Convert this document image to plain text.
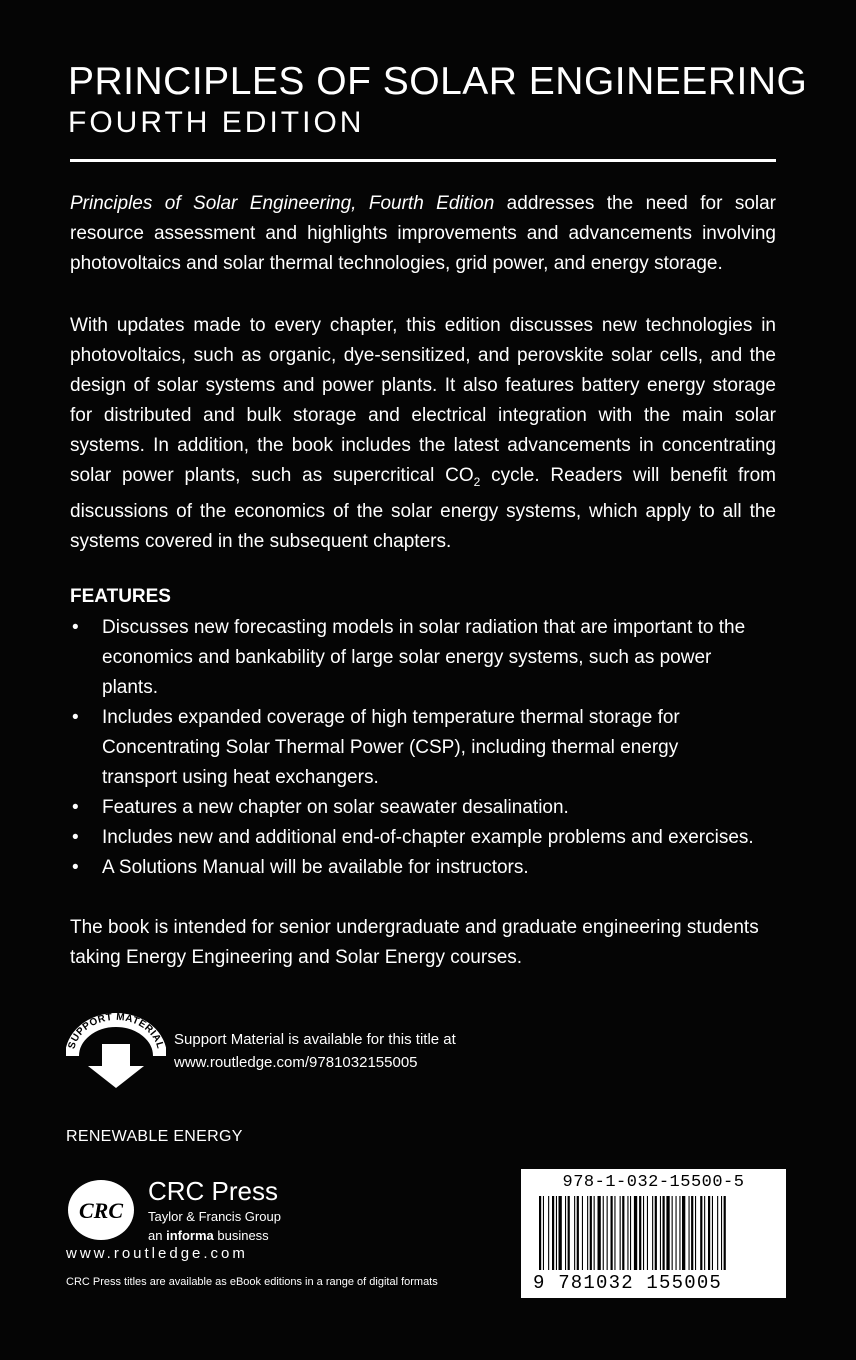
PRINCIPLES OF SOLAR ENGINEERING
FOURTH EDITION

Principles of Solar Engineering, Fourth Edition addresses the need for solar resource assessment and highlights improvements and advancements involving photovoltaics and solar thermal technologies, grid power, and energy storage.

With updates made to every chapter, this edition discusses new technologies in photovoltaics, such as organic, dye-sensitized, and perovskite solar cells, and the design of solar systems and power plants. It also features battery energy storage for distributed and bulk storage and electrical integration with the main solar systems. In addition, the book includes the latest advancements in concentrating solar power plants, such as supercritical $CO_2$ cycle. Readers will benefit from discussions of the economics of the solar energy systems, which apply to all the systems covered in the subsequent chapters.

FEATURES
• Discusses new forecasting models in solar radiation that are important to the economics and bankability of large solar energy systems, such as power plants.
• Includes expanded coverage of high temperature thermal storage for Concentrating Solar Thermal Power (CSP), including thermal energy transport using heat exchangers.
• Features a new chapter on solar seawater desalination.
• Includes new and additional end-of-chapter example problems and exercises.
• A Solutions Manual will be available for instructors.

The book is intended for senior undergraduate and graduate engineering students taking Energy Engineering and Solar Energy courses.

SUPPORT MATERIAL Support Material is available for this title at
www.routledge.com/9781032155005
RENEWABLE ENERGY
CRC
CRC Press
Taylor & Francis Group
an informa business
www.routledge.com
CRC Press titles are available as eBook editions in a range of digital formats
978-1-032-15500-5
9 781032 155005
